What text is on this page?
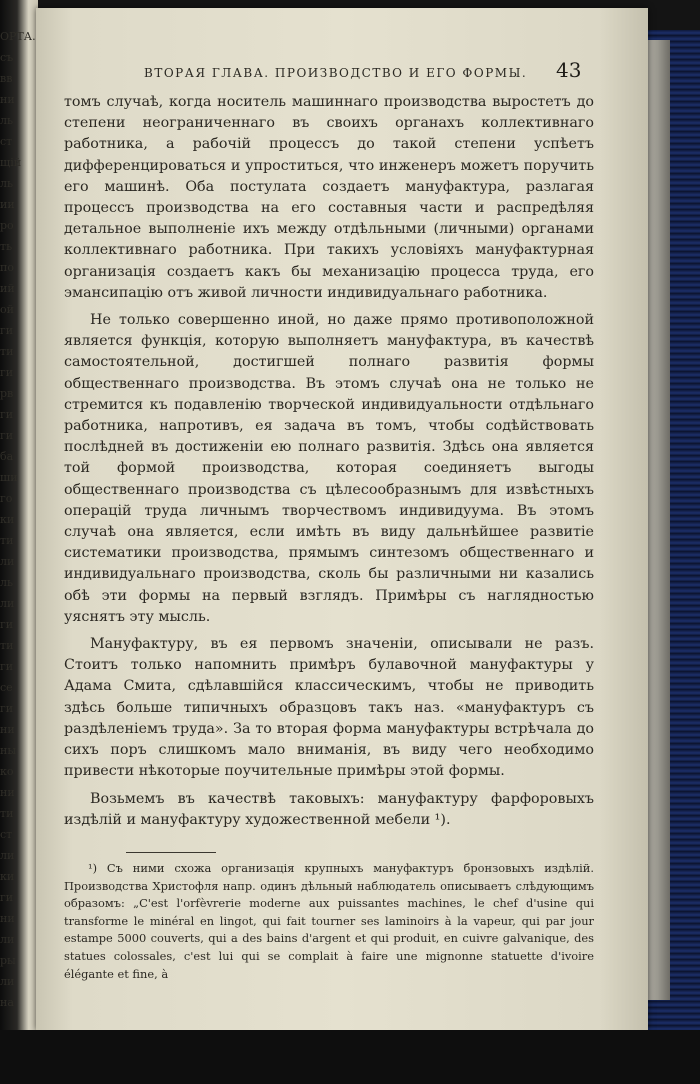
ОРТА.
съ
вв
ни
ль
ст
щій
ль
ии
ро
ть
по
ий
ой
ги
ти
ги
рв
ги
ги
ба
ши
го
ки
ти
ли
ль
ли
ги
ти
ги
се
ги
ни
ны
ко
ни
ти
ст
ли
ки
ги
ни
ли
ры
ли
на
ВТОРАЯ ГЛАВА. ПРОИЗВОДСТВО И ЕГО ФОРМЫ.	43

томъ случаѣ, когда носитель машиннаго производства выростетъ до степени неограниченнаго въ своихъ органахъ коллективнаго работника, а рабочій процессъ до такой степени успѣетъ дифференцироваться и упроститься, что инженеръ можетъ поручить его машинѣ. Оба постулата создаетъ мануфактура, разлагая процессъ производства на его составныя части и распредѣляя детальное выполненіе ихъ между отдѣльными (личными) органами коллективнаго работника. При такихъ условіяхъ мануфактурная организація создаетъ какъ бы механизацію процесса труда, его эмансипацію отъ живой личности индивидуальнаго работника.

Не только совершенно иной, но даже прямо противоположной является функція, которую выполняетъ мануфактура, въ качествѣ самостоятельной, достигшей полнаго развитія формы общественнаго производства. Въ этомъ случаѣ она не только не стремится къ подавленію творческой индивидуальности отдѣльнаго работника, напротивъ, ея задача въ томъ, чтобы содѣйствовать послѣдней въ достиженіи ею полнаго развитія. Здѣсь она является той формой производства, которая соединяетъ выгоды общественнаго производства съ цѣлесообразнымъ для извѣстныхъ операцій труда личнымъ творчествомъ индивидуума. Въ этомъ случаѣ она является, если имѣть въ виду дальнѣйшее развитіе систематики производства, прямымъ синтезомъ общественнаго и индивидуальнаго производства, сколь бы различными ни казались обѣ эти формы на первый взглядъ. Примѣры съ наглядностью уяснятъ эту мысль.

Мануфактуру, въ ея первомъ значеніи, описывали не разъ. Стоитъ только напомнить примѣръ булавочной мануфактуры у Адама Смита, сдѣлавшійся классическимъ, чтобы не приводить здѣсь больше типичныхъ образцовъ такъ наз. «мануфактуръ съ раздѣленіемъ труда». За то вторая форма мануфактуры встрѣчала до сихъ поръ слишкомъ мало вниманія, въ виду чего необходимо привести нѣкоторые поучительные примѣры этой формы.

Возьмемъ въ качествѣ таковыхъ: мануфактуру фарфоровыхъ издѣлій и мануфактуру художественной мебели ¹).

¹) Съ ними схожа организація крупныхъ мануфактуръ бронзовыхъ издѣлій. Производства Христофля напр. одинъ дѣльный наблюдатель описываетъ слѣдующимъ образомъ: „C'est l'orfèvrerie moderne aux puissantes machines, le chef d'usine qui transforme le minéral en lingot, qui fait tourner ses laminoirs à la vapeur, qui par jour estampe 5000 couverts, qui a des bains d'argent et qui produit, en cuivre galvanique, des statues colossales, c'est lui qui se complait à faire une mignonne statuette d'ivoire élégante et fine, à
